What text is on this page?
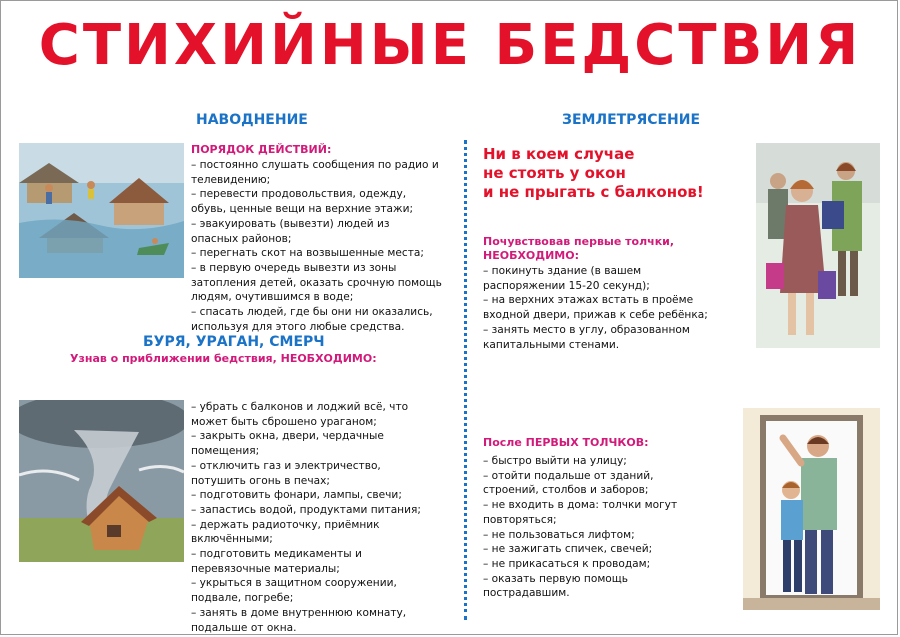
СТИХИЙНЫЕ БЕДСТВИЯ
НАВОДНЕНИЕ
ПОРЯДОК ДЕЙСТВИЙ:
– постоянно слушать сообщения по радио и
телевидению;
– перевести продовольствия, одежду,
обувь, ценные вещи на верхние этажи;
– эвакуировать (вывезти) людей из
опасных районов;
– перегнать скот на возвышенные места;
– в первую очередь вывезти из зоны
затопления детей, оказать срочную помощь
людям, очутившимся в воде;
– спасать людей, где бы они ни оказались,
используя для этого любые средства.
БУРЯ, УРАГАН, СМЕРЧ
Узнав о приближении бедствия, НЕОБХОДИМО:
– убрать с балконов и лоджий всё, что
может быть сброшено ураганом;
– закрыть окна, двери, чердачные
помещения;
– отключить газ и электричество,
потушить огонь в печах;
– подготовить фонари, лампы, свечи;
– запастись водой, продуктами питания;
– держать радиоточку, приёмник
включёнными;
– подготовить медикаменты и
перевязочные материалы;
– укрыться в защитном сооружении,
подвале, погребе;
– занять в доме внутреннюю комнату,
подальше от окна.
ЗЕМЛЕТРЯСЕНИЕ
Ни в коем случае
не стоять у окон
и не прыгать с балконов!
Почувствовав первые толчки,
НЕОБХОДИМО:
– покинуть здание (в вашем
распоряжении 15-20 секунд);
– на верхних этажах встать в проёме
входной двери, прижав к себе ребёнка;
– занять место в углу, образованном
капитальными стенами.
После ПЕРВЫХ ТОЛЧКОВ:
– быстро выйти на улицу;
– отойти подальше от зданий,
строений, столбов и заборов;
– не входить в дома: толчки могут
повторяться;
– не пользоваться лифтом;
– не зажигать спичек, свечей;
– не прикасаться к проводам;
– оказать первую помощь
пострадавшим.
